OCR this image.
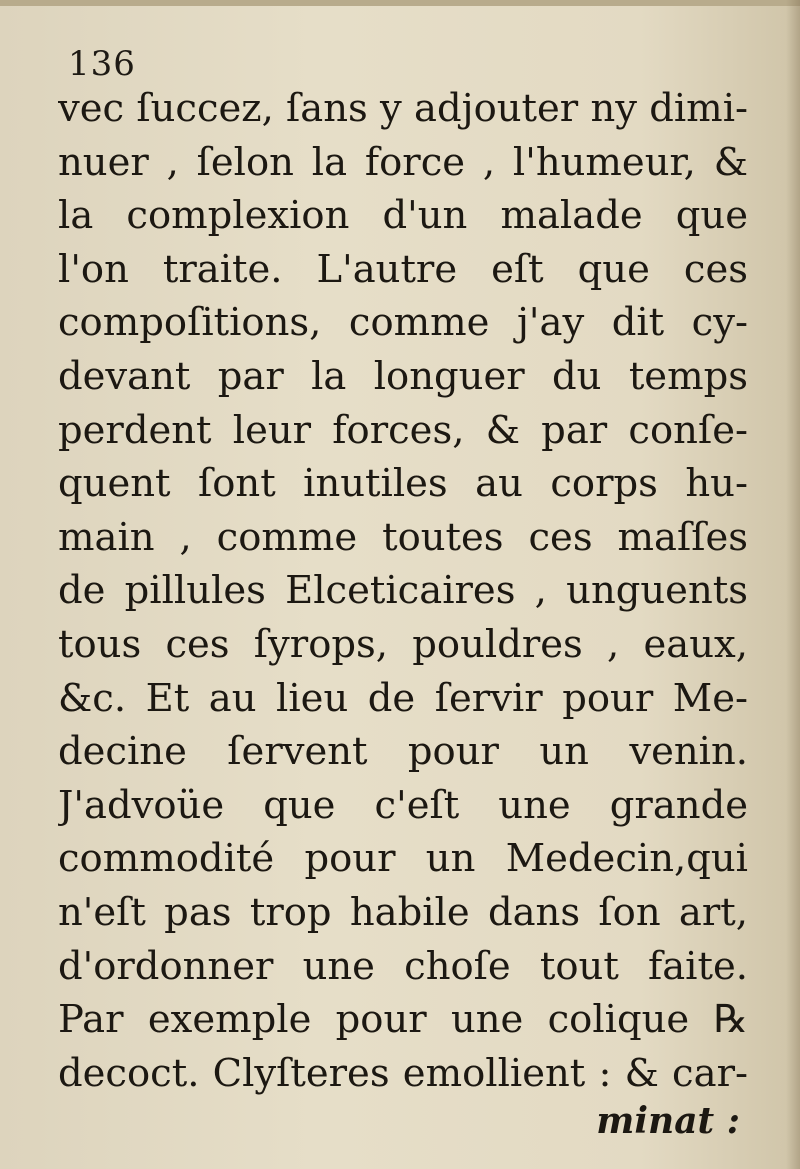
136
vec ſuccez, ſans y adjouter ny dimi-
nuer , ſelon la force , l'humeur, &
la complexion d'un malade que
l'on traite. L'autre eſt que ces
compoſitions, comme j'ay dit cy-
devant par la longuer du temps
perdent leur forces, & par conſe-
quent ſont inutiles au corps hu-
main , comme toutes ces maſſes
de pillules Elceticaires , unguents
tous ces ſyrops, pouldres , eaux,
&c. Et au lieu de ſervir pour Me-
decine ſervent pour un venin.
J'advoüe que c'eſt une grande
commodité pour un Medecin,qui
n'eſt pas trop habile dans ſon art,
d'ordonner une choſe tout faite.
Par exemple pour une colique ℞
decoct. Clyſteres emollient : & car-
minat :
